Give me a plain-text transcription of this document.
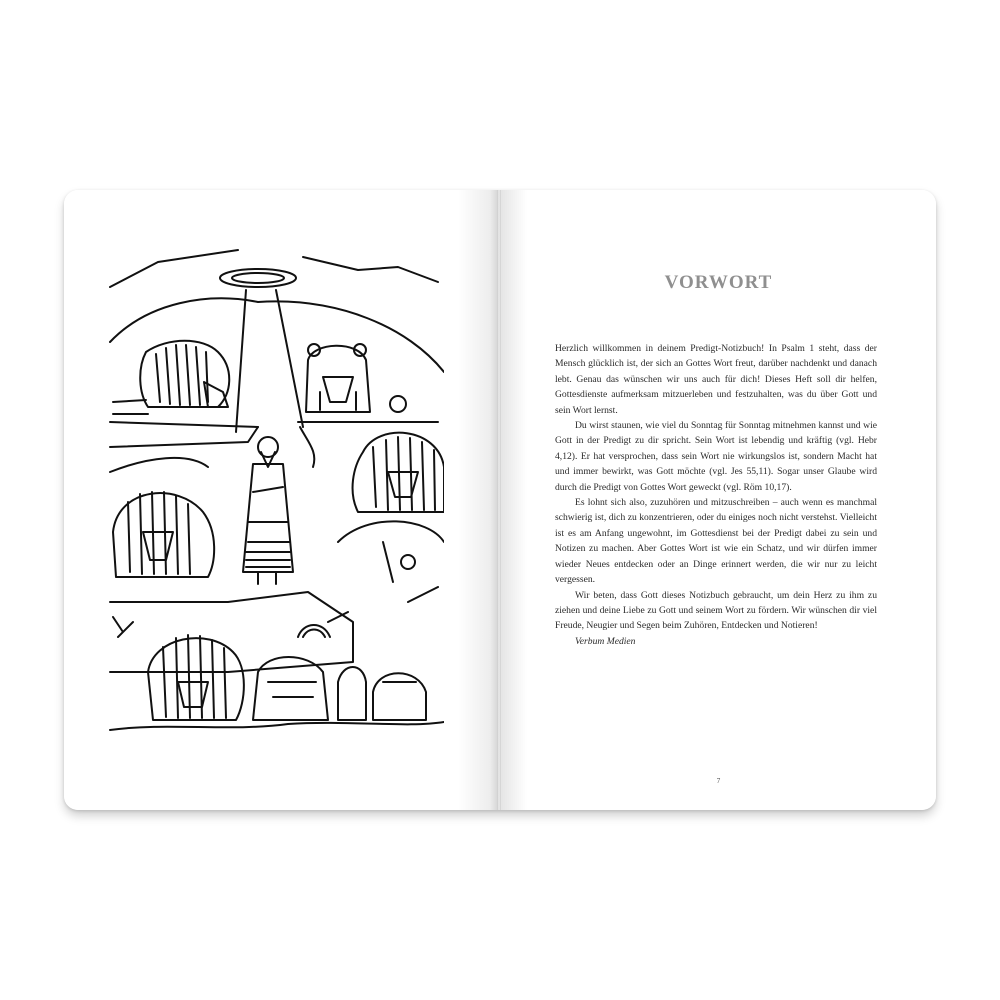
VORWORT

Herzlich willkommen in deinem Predigt-Notizbuch! In Psalm 1 steht, dass der Mensch glücklich ist, der sich an Gottes Wort freut, darüber nachdenkt und danach lebt. Genau das wünschen wir uns auch für dich! Dieses Heft soll dir helfen, Gottesdienste aufmerksam mitzuerleben und festzuhalten, was du über Gott und sein Wort lernst.

Du wirst staunen, wie viel du Sonntag für Sonntag mitnehmen kannst und wie Gott in der Predigt zu dir spricht. Sein Wort ist lebendig und kräftig (vgl. Hebr 4,12). Er hat versprochen, dass sein Wort nie wirkungslos ist, sondern Macht hat und immer bewirkt, was Gott möchte (vgl. Jes 55,11). Sogar unser Glaube wird durch die Predigt von Gottes Wort geweckt (vgl. Röm 10,17).

Es lohnt sich also, zuzuhören und mitzuschreiben – auch wenn es manchmal schwierig ist, dich zu konzentrieren, oder du einiges noch nicht verstehst. Vielleicht ist es am Anfang ungewohnt, im Gottesdienst bei der Predigt dabei zu sein und Notizen zu machen. Aber Gottes Wort ist wie ein Schatz, und wir dürfen immer wieder Neues entdecken oder an Dinge erinnert werden, die wir nur zu leicht vergessen.

Wir beten, dass Gott dieses Notizbuch gebraucht, um dein Herz zu ihm zu ziehen und deine Liebe zu Gott und seinem Wort zu fördern. Wir wünschen dir viel Freude, Neugier und Segen beim Zuhören, Entdecken und Notieren!

Verbum Medien

7
